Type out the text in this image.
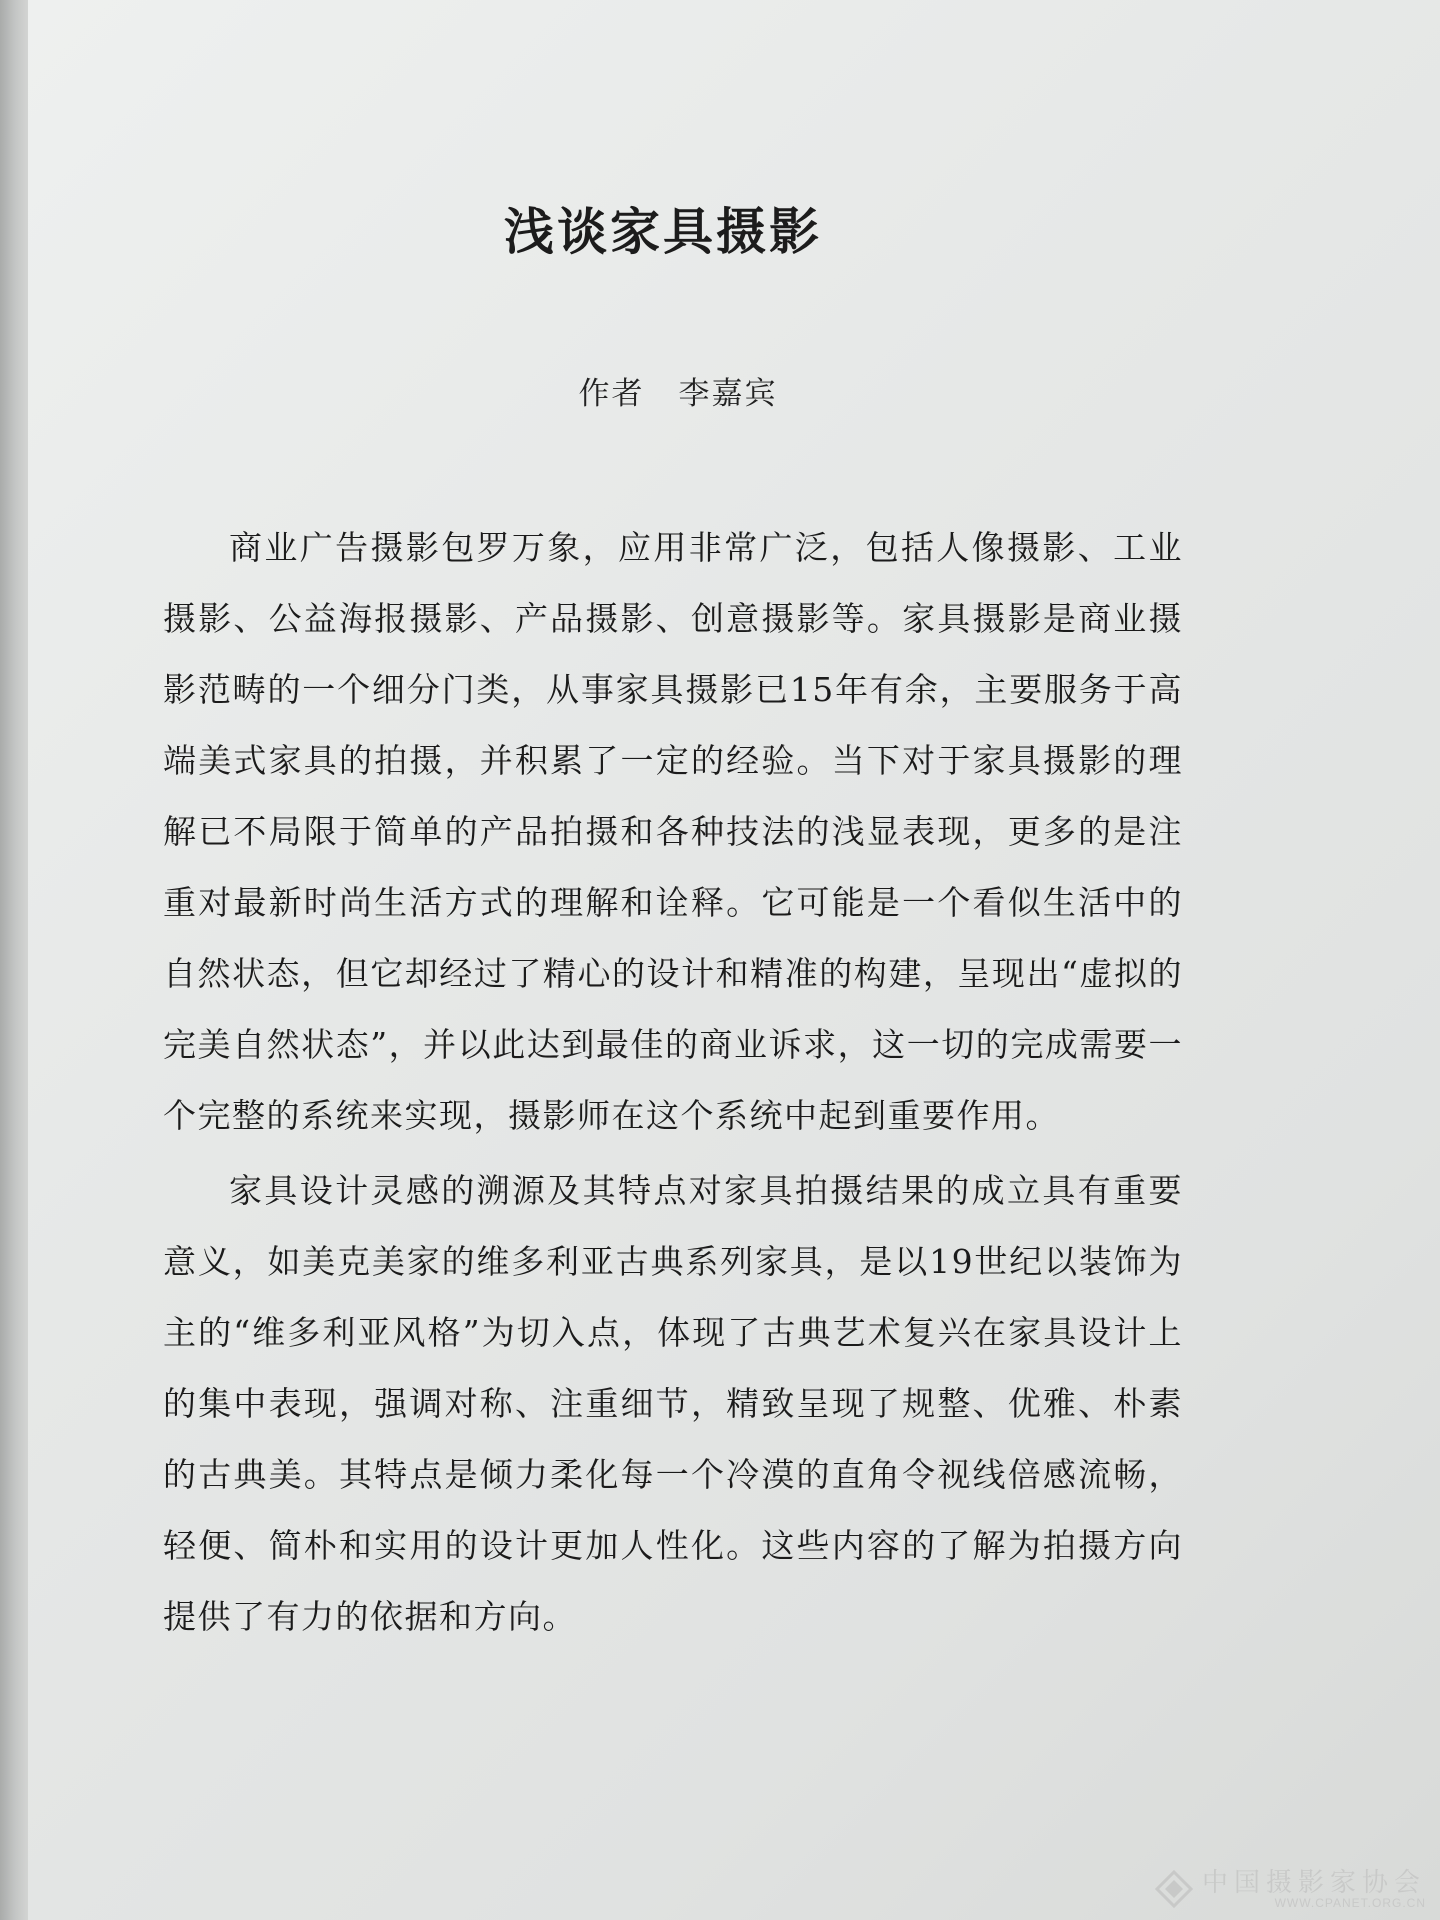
浅谈家具摄影
作者 李嘉宾

商业广告摄影包罗万象，应用非常广泛，包括人像摄影、工业摄影、公益海报摄影、产品摄影、创意摄影等。家具摄影是商业摄影范畴的一个细分门类，从事家具摄影已15年有余，主要服务于高端美式家具的拍摄，并积累了一定的经验。当下对于家具摄影的理解已不局限于简单的产品拍摄和各种技法的浅显表现，更多的是注重对最新时尚生活方式的理解和诠释。它可能是一个看似生活中的自然状态，但它却经过了精心的设计和精准的构建，呈现出“虚拟的完美自然状态”，并以此达到最佳的商业诉求，这一切的完成需要一个完整的系统来实现，摄影师在这个系统中起到重要作用。

家具设计灵感的溯源及其特点对家具拍摄结果的成立具有重要意义，如美克美家的维多利亚古典系列家具，是以19世纪以装饰为主的“维多利亚风格”为切入点，体现了古典艺术复兴在家具设计上的集中表现，强调对称、注重细节，精致呈现了规整、优雅、朴素的古典美。其特点是倾力柔化每一个冷漠的直角令视线倍感流畅，轻便、简朴和实用的设计更加人性化。这些内容的了解为拍摄方向提供了有力的依据和方向。

中国摄影家协会
WWW.CPANET.ORG.CN
